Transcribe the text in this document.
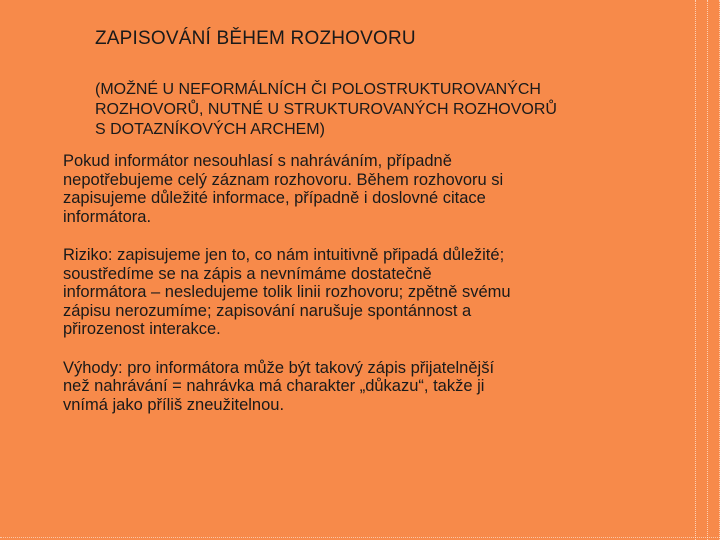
ZAPISOVÁNÍ BĚHEM ROZHOVORU

(MOŽNÉ U NEFORMÁLNÍCH ČI POLOSTRUKTUROVANÝCH
ROZHOVORŮ, NUTNÉ U STRUKTUROVANÝCH ROZHOVORŮ
S DOTAZNÍKOVÝCH ARCHEM)

Pokud informátor nesouhlasí s nahráváním, případně
nepotřebujeme celý záznam rozhovoru. Během rozhovoru si
zapisujeme důležité informace, případně i doslovné citace
informátora.

Riziko: zapisujeme jen to, co nám intuitivně připadá důležité;
soustředíme se na zápis a nevnímáme dostatečně
informátora – nesledujeme tolik linii rozhovoru; zpětně svému
zápisu nerozumíme; zapisování narušuje spontánnost a
přirozenost interakce.

Výhody: pro informátora může být takový zápis přijatelnější
než nahrávání = nahrávka má charakter „důkazu“, takže ji
vnímá jako příliš zneužitelnou.
